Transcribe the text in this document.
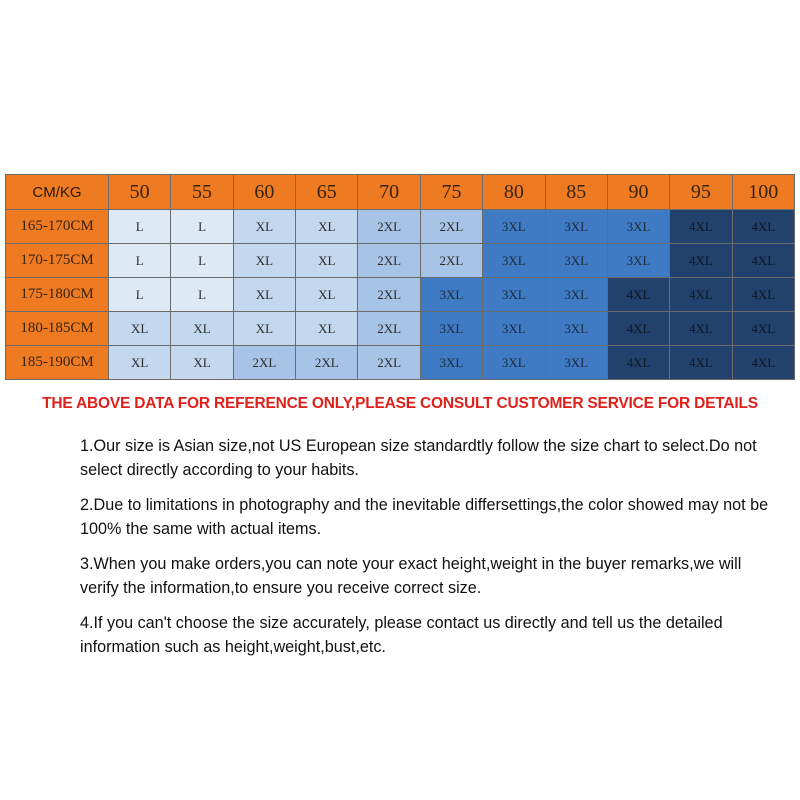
CM/KG	50	55	60	65	70	75	80	85	90	95	100
165-170CM	L	L	XL	XL	2XL	2XL	3XL	3XL	3XL	4XL	4XL
170-175CM	L	L	XL	XL	2XL	2XL	3XL	3XL	3XL	4XL	4XL
175-180CM	L	L	XL	XL	2XL	3XL	3XL	3XL	4XL	4XL	4XL
180-185CM	XL	XL	XL	XL	2XL	3XL	3XL	3XL	4XL	4XL	4XL
185-190CM	XL	XL	2XL	2XL	2XL	3XL	3XL	3XL	4XL	4XL	4XL
THE ABOVE DATA FOR REFERENCE ONLY,PLEASE CONSULT CUSTOMER SERVICE FOR DETAILS

1.Our size is Asian size,not US European size standardtly follow the size chart to select.Do not select directly according to your habits.

2.Due to limitations in photography and the inevitable differsettings,the color showed may not be 100% the same with actual items.

3.When you make orders,you can note your exact height,weight in the buyer remarks,we will verify the information,to ensure you receive correct size.

4.If you can't choose the size accurately, please contact us directly and tell us the detailed information such as height,weight,bust,etc.
